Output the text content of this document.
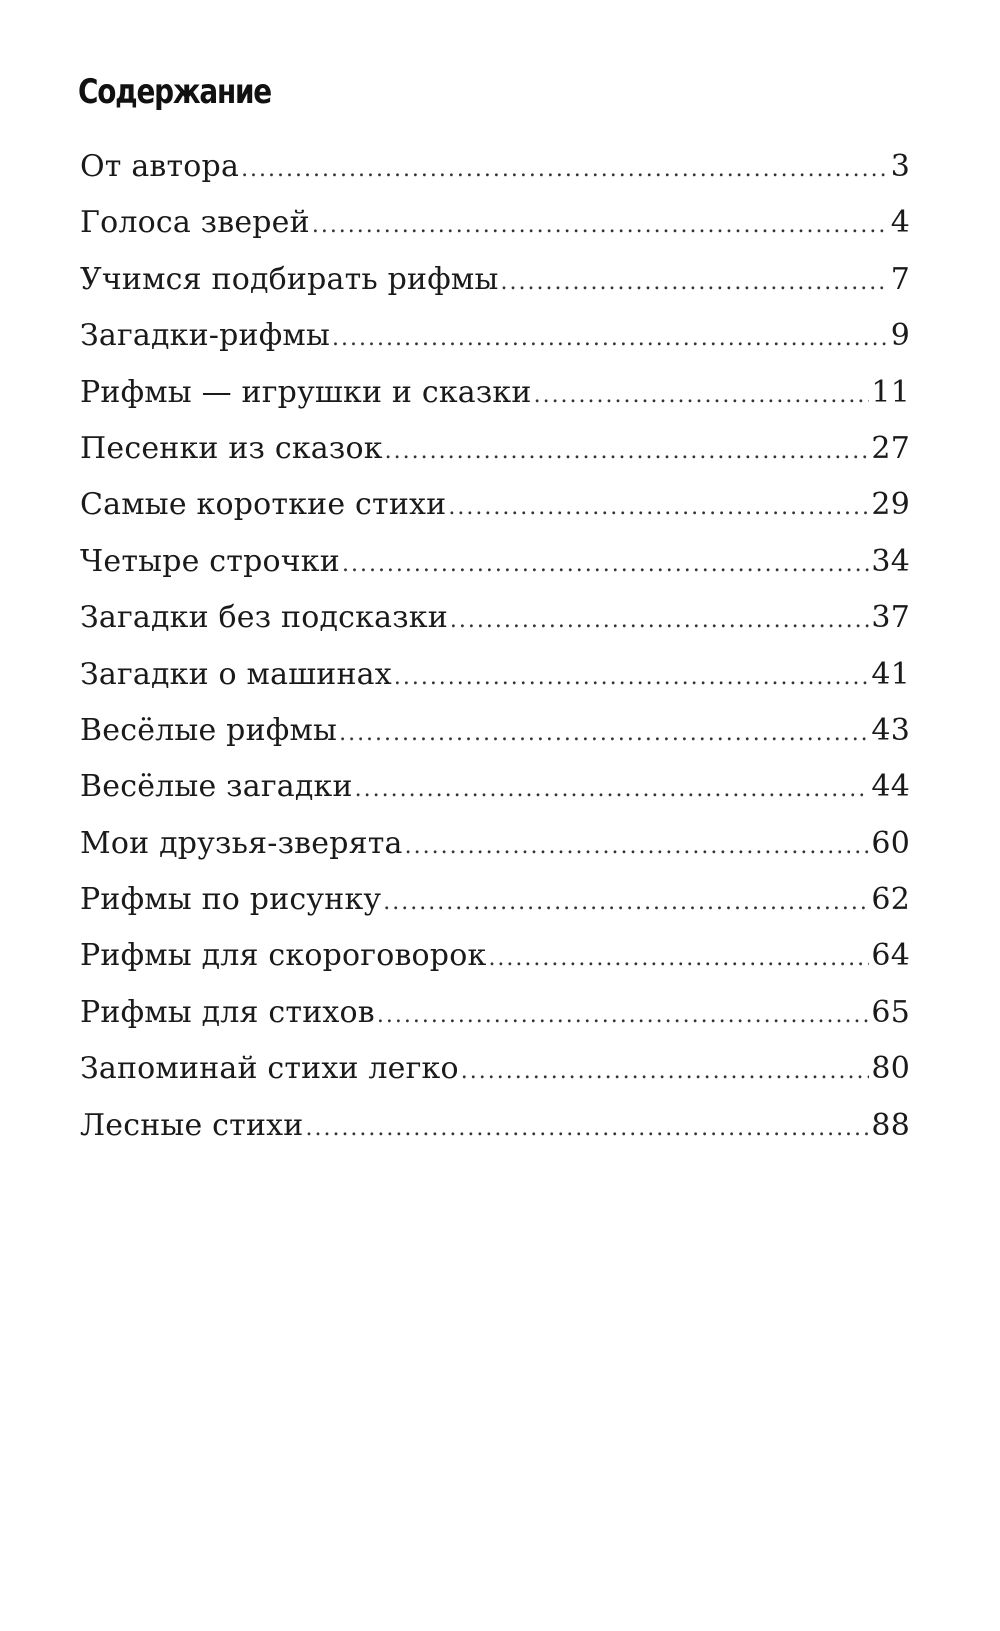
Содержание
От автора .....	3
Голоса зверей .....	4
Учимся подбирать рифмы .....	7
Загадки-рифмы .....	9
Рифмы — игрушки и сказки .....	11
Песенки из сказок .....	27
Самые короткие стихи .....	29
Четыре строчки .....	34
Загадки без подсказки .....	37
Загадки о машинах .....	41
Весёлые рифмы .....	43
Весёлые загадки .....	44
Мои друзья-зверята .....	60
Рифмы по рисунку .....	62
Рифмы для скороговорок .....	64
Рифмы для стихов .....	65
Запоминай стихи легко .....	80
Лесные стихи .....	88
